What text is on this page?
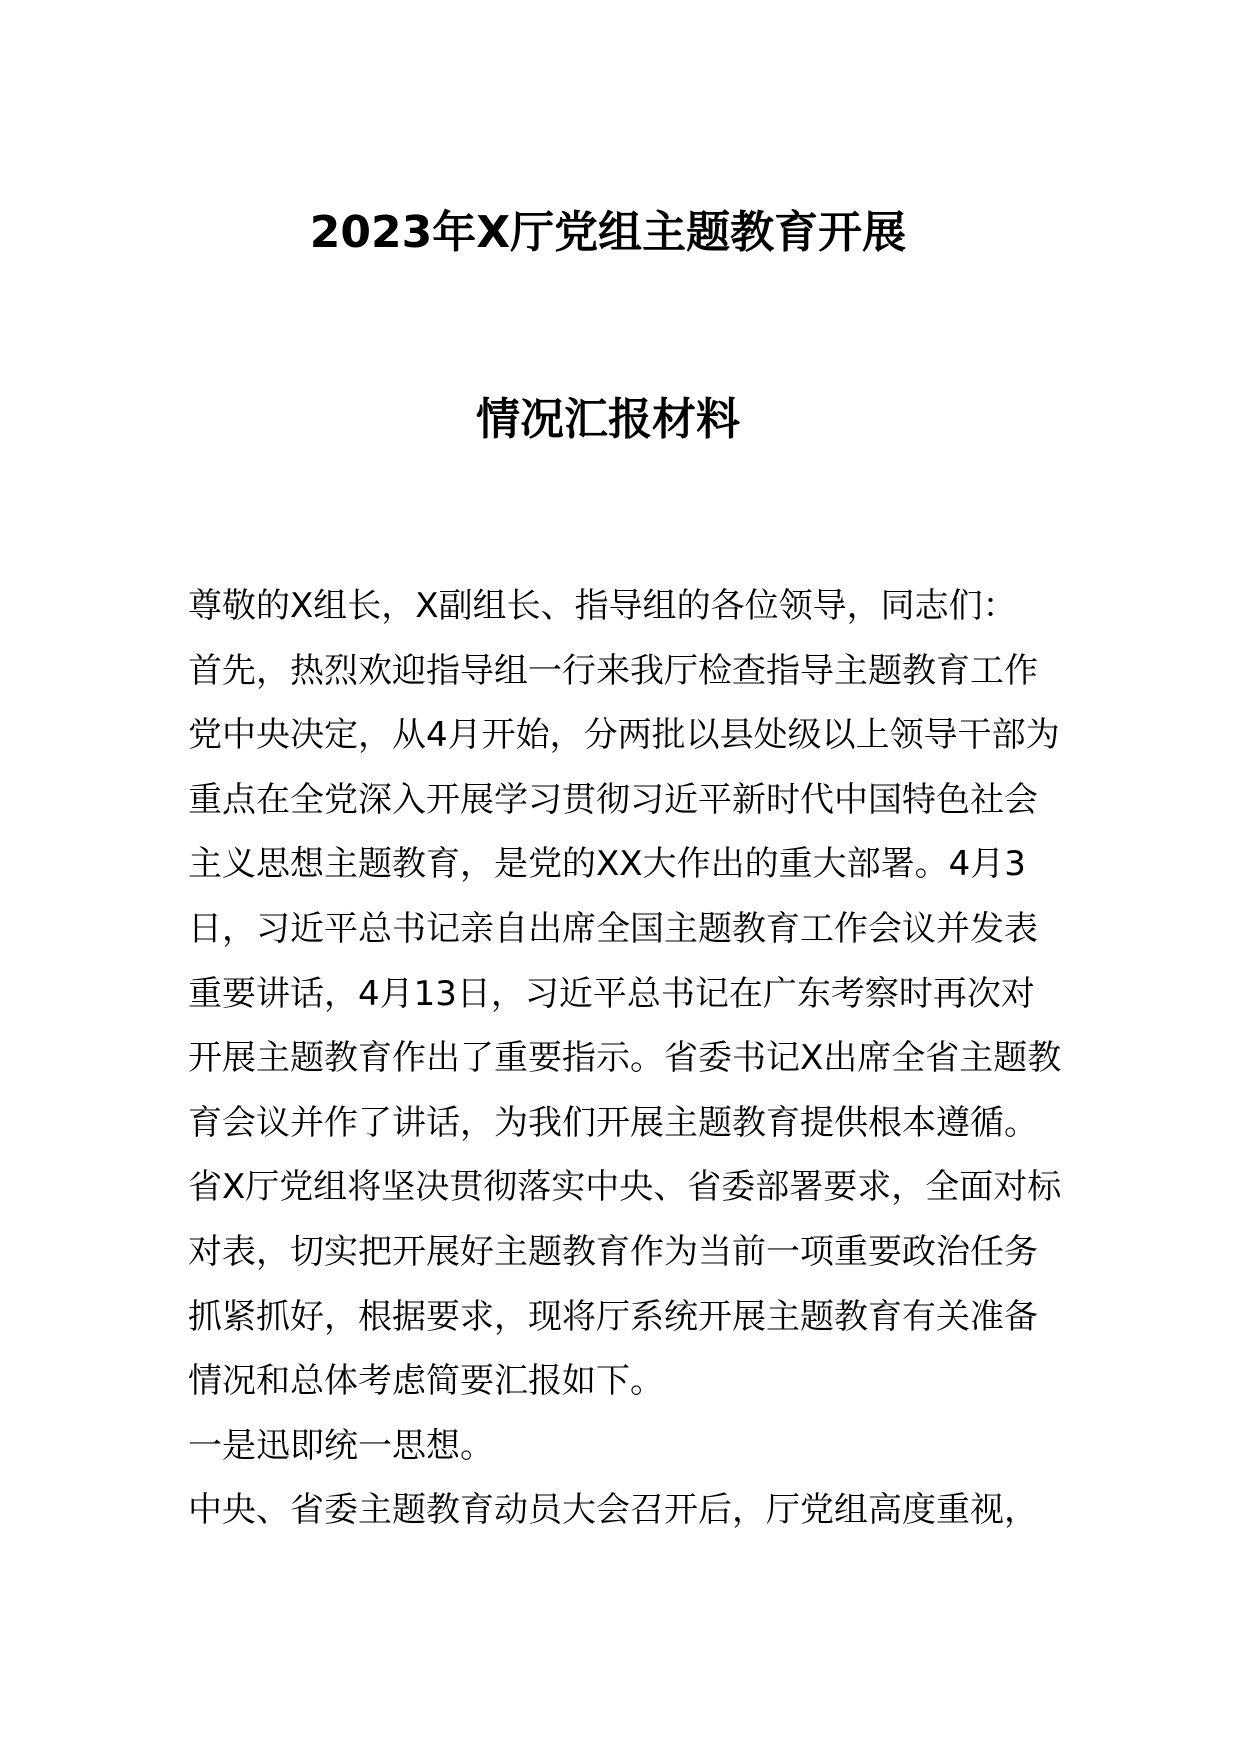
2023年X厅党组主题教育开展
情况汇报材料
尊敬的X组长，X副组长、指导组的各位领导，同志们：
首先，热烈欢迎指导组一行来我厅检查指导主题教育工作
党中央决定，从4月开始，分两批以县处级以上领导干部为
重点在全党深入开展学习贯彻习近平新时代中国特色社会
主义思想主题教育，是党的XX大作出的重大部署。4月3
日，习近平总书记亲自出席全国主题教育工作会议并发表
重要讲话，4月13日，习近平总书记在广东考察时再次对
开展主题教育作出了重要指示。省委书记X出席全省主题教
育会议并作了讲话，为我们开展主题教育提供根本遵循。
省X厅党组将坚决贯彻落实中央、省委部署要求，全面对标
对表，切实把开展好主题教育作为当前一项重要政治任务
抓紧抓好，根据要求，现将厅系统开展主题教育有关准备
情况和总体考虑简要汇报如下。
一是迅即统一思想。
中央、省委主题教育动员大会召开后，厅党组高度重视，
